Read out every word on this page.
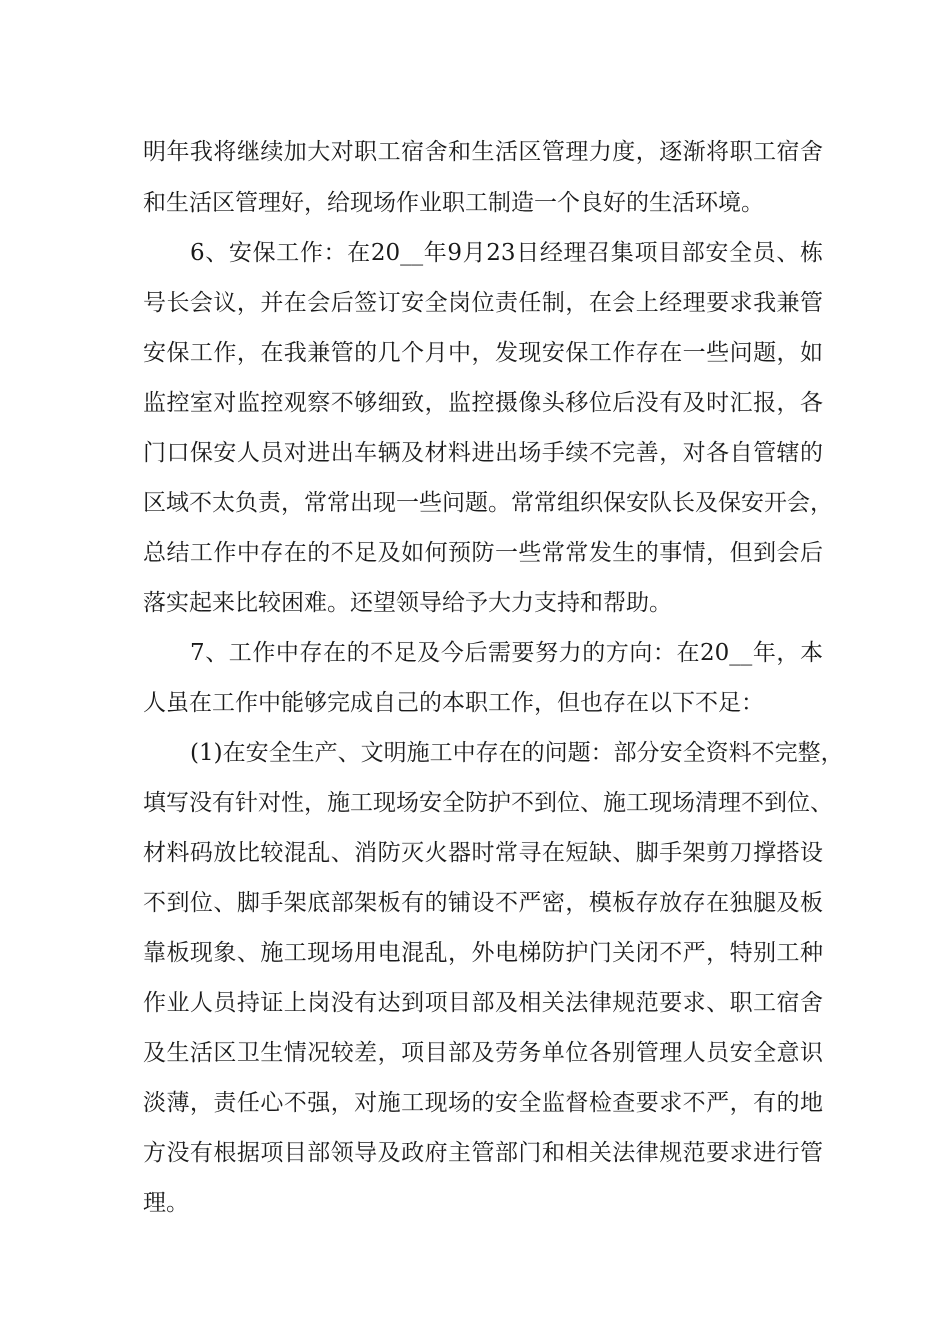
明年我将继续加大对职工宿舍和生活区管理力度，逐渐将职工宿舍
和生活区管理好，给现场作业职工制造一个良好的生活环境。
6、安保工作：在20__年9月23日经理召集项目部安全员、栋
号长会议，并在会后签订安全岗位责任制，在会上经理要求我兼管
安保工作，在我兼管的几个月中，发现安保工作存在一些问题，如
监控室对监控观察不够细致，监控摄像头移位后没有及时汇报，各
门口保安人员对进出车辆及材料进出场手续不完善，对各自管辖的
区域不太负责，常常出现一些问题。常常组织保安队长及保安开会，
总结工作中存在的不足及如何预防一些常常发生的事情，但到会后
落实起来比较困难。还望领导给予大力支持和帮助。
7、工作中存在的不足及今后需要努力的方向：在20__年，本
人虽在工作中能够完成自己的本职工作，但也存在以下不足：
(1)在安全生产、文明施工中存在的问题：部分安全资料不完整，
填写没有针对性，施工现场安全防护不到位、施工现场清理不到位、
材料码放比较混乱、消防灭火器时常寻在短缺、脚手架剪刀撑搭设
不到位、脚手架底部架板有的铺设不严密，模板存放存在独腿及板
靠板现象、施工现场用电混乱，外电梯防护门关闭不严，特别工种
作业人员持证上岗没有达到项目部及相关法律规范要求、职工宿舍
及生活区卫生情况较差，项目部及劳务单位各别管理人员安全意识
淡薄，责任心不强，对施工现场的安全监督检查要求不严，有的地
方没有根据项目部领导及政府主管部门和相关法律规范要求进行管
理。
